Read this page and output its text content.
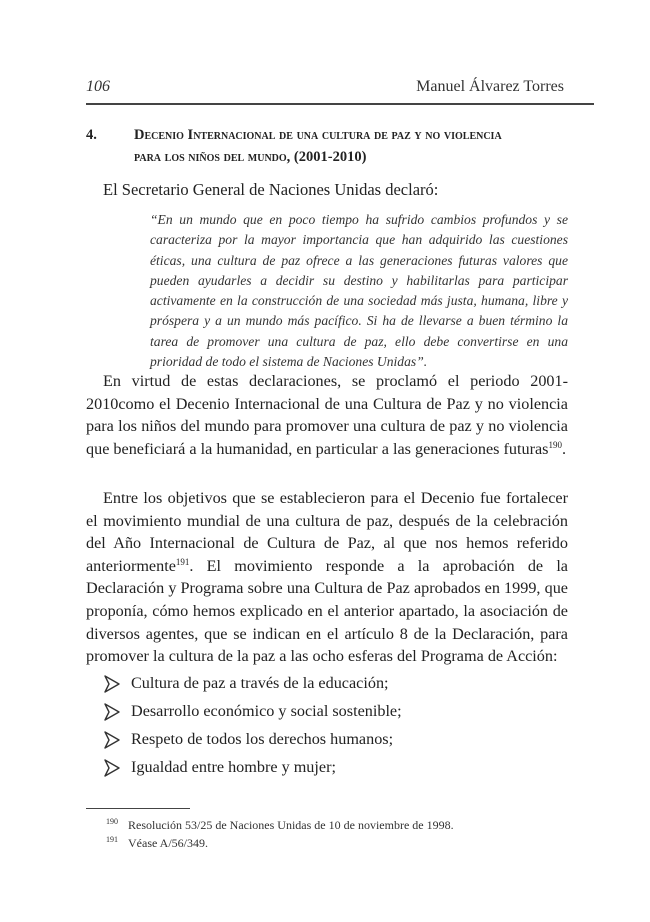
106	Manuel Álvarez Torres
4.	Decenio Internacional de una cultura de paz y no violencia
para los niños del mundo, (2001-2010)
El Secretario General de Naciones Unidas declaró:
“En un mundo que en poco tiempo ha sufrido cambios profundos y se caracteriza por la mayor importancia que han adquirido las cuestiones éticas, una cultura de paz ofrece a las generaciones futuras valores que pueden ayudarles a decidir su destino y habilitarlas para participar activamente en la construcción de una sociedad más justa, humana, libre y próspera y a un mundo más pacífico. Si ha de llevarse a buen término la tarea de promover una cultura de paz, ello debe convertirse en una prioridad de todo el sistema de Naciones Unidas”.
En virtud de estas declaraciones, se proclamó el periodo 2001-2010como el Decenio Internacional de una Cultura de Paz y no violencia para los niños del mundo para promover una cultura de paz y no violencia que beneficiará a la humanidad, en particular a las generaciones futuras$^{190}$.
Entre los objetivos que se establecieron para el Decenio fue fortalecer el movimiento mundial de una cultura de paz, después de la celebración del Año Internacional de Cultura de Paz, al que nos hemos referido anteriormente$^{191}$. El movimiento responde a la aprobación de la Declaración y Programa sobre una Cultura de Paz aprobados en 1999, que proponía, cómo hemos explicado en el anterior apartado, la asociación de diversos agentes, que se indican en el artículo 8 de la Declaración, para promover la cultura de la paz a las ocho esferas del Programa de Acción:
Cultura de paz a través de la educación;
Desarrollo económico y social sostenible;
Respeto de todos los derechos humanos;
Igualdad entre hombre y mujer;
190 Resolución 53/25 de Naciones Unidas de 10 de noviembre de 1998.
191 Véase A/56/349.
